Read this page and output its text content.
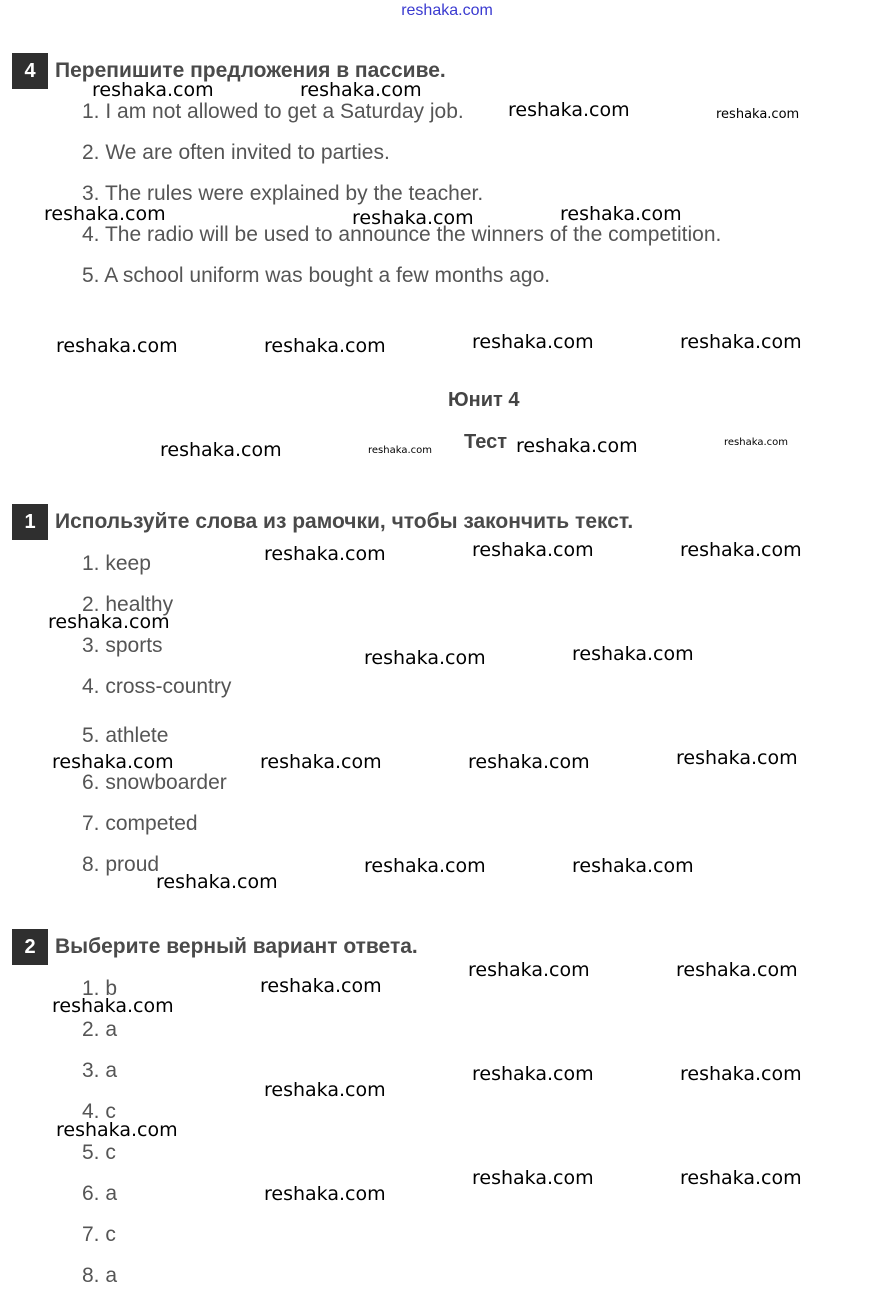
reshaka.com
4 Перепишите предложения в пассиве.
1. I am not allowed to get a Saturday job.
2. We are often invited to parties.
3. The rules were explained by the teacher.
4. The radio will be used to announce the winners of the competition.
5. A school uniform was bought a few months ago.
Юнит 4
Тест
1 Используйте слова из рамочки, чтобы закончить текст.
1. keep
2. healthy
3. sports
4. cross-country
5. athlete
6. snowboarder
7. competed
8. proud
2 Выберите верный вариант ответа.
1. b
2. a
3. a
4. c
5. c
6. a
7. c
8. a
reshaka.com	reshaka.com
reshaka.com	reshaka.com
reshaka.com	reshaka.com	reshaka.com
reshaka.com	reshaka.com	reshaka.com	reshaka.com
reshaka.com	reshaka.com	reshaka.com	reshaka.com
reshaka.com	reshaka.com	reshaka.com
reshaka.com
reshaka.com	reshaka.com
reshaka.com	reshaka.com	reshaka.com	reshaka.com
reshaka.com	reshaka.com
reshaka.com
reshaka.com	reshaka.com
reshaka.com
reshaka.com
reshaka.com	reshaka.com
reshaka.com
reshaka.com
reshaka.com	reshaka.com
reshaka.com
